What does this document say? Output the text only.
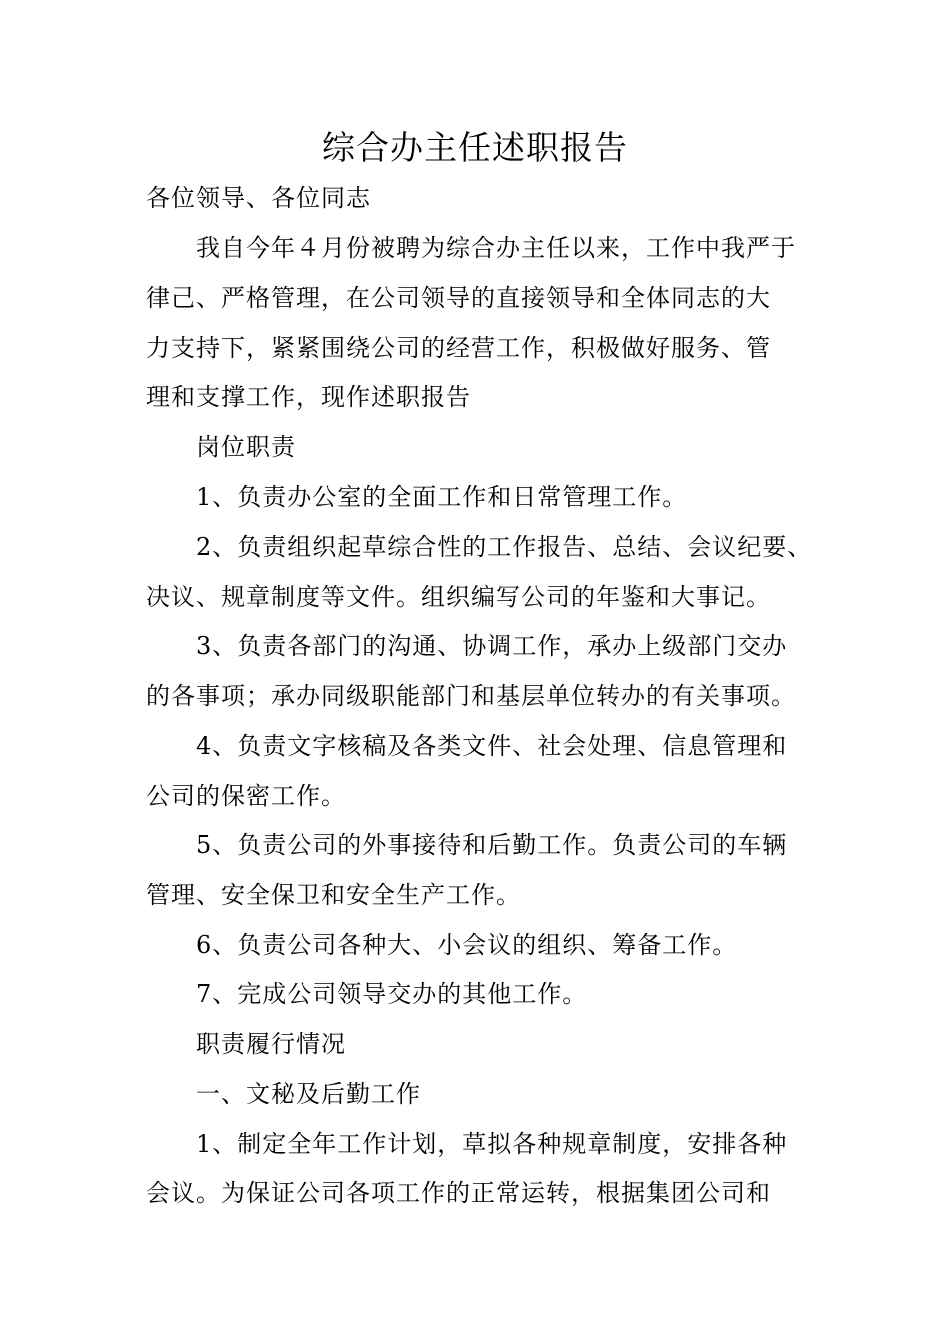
综合办主任述职报告
各位领导、各位同志
我自今年４月份被聘为综合办主任以来，工作中我严于
律己、严格管理，在公司领导的直接领导和全体同志的大
力支持下，紧紧围绕公司的经营工作，积极做好服务、管
理和支撑工作，现作述职报告
岗位职责
1、负责办公室的全面工作和日常管理工作。
2、负责组织起草综合性的工作报告、总结、会议纪要、
决议、规章制度等文件。组织编写公司的年鉴和大事记。
3、负责各部门的沟通、协调工作，承办上级部门交办
的各事项；承办同级职能部门和基层单位转办的有关事项。
4、负责文字核稿及各类文件、社会处理、信息管理和
公司的保密工作。
5、负责公司的外事接待和后勤工作。负责公司的车辆
管理、安全保卫和安全生产工作。
6、负责公司各种大、小会议的组织、筹备工作。
7、完成公司领导交办的其他工作。
职责履行情况
一、文秘及后勤工作
1、制定全年工作计划，草拟各种规章制度，安排各种
会议。为保证公司各项工作的正常运转，根据集团公司和
